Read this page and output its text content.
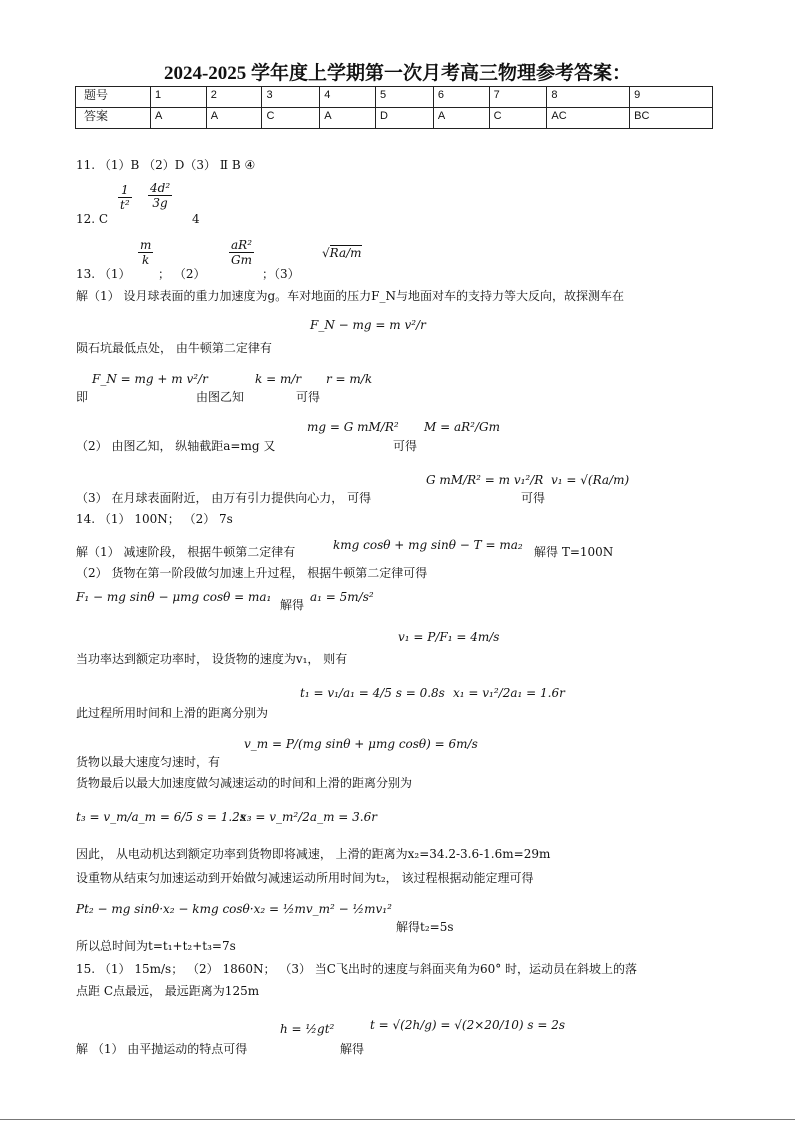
2024-2025 学年度上学期第一次月考高三物理参考答案：
题号	1	2	3	4	5	6	7	8	9
答案	A	A	C	A	D	A	C	AC	BC
11. （1）B （2）D（3） Ⅱ B ④
12. C
$\frac{1}{\text{t²}} \frac{\text{4d²}}{3g}$
4
13. （1）
$\frac{m}{k}$
； （2）
$\frac{\text{aR²}}{Gm}$
；（3）
√Ra/m
解（1） 设月球表面的重力加速度为g。车对地面的压力F_N与地面对车的支持力等大反向，故探测车在
F_N − mg = m v²/r
陨石坑最低点处， 由牛顿第二定律有
即
F_N = mg + m v²/r
由图乙知
k = m/r
可得
r = m/k
（2） 由图乙知， 纵轴截距a=mg 又
mg = G mM/R²
可得
M = aR²/Gm
（3） 在月球表面附近， 由万有引力提供向心力， 可得
G mM/R² = m v₁²/R
可得
v₁ = √(Ra/m)
14. （1） 100N； （2） 7s
解（1） 减速阶段， 根据牛顿第二定律有	kmg cosθ + mg sinθ − T = ma₂ 解得 T=100N
（2） 货物在第一阶段做匀加速上升过程， 根据牛顿第二定律可得
F₁ − mg sinθ − μmg cosθ = ma₁
解得
a₁ = 5m/s²
v₁ = P/F₁ = 4m/s
当功率达到额定功率时， 设货物的速度为v₁， 则有
t₁ = v₁/a₁ = 4/5 s = 0.8s x₁ = v₁²/2a₁ = 1.6r
此过程所用时间和上滑的距离分别为
v_m = P/(mg sinθ + μmg cosθ) = 6m/s
货物以最大速度匀速时，有
货物最后以最大加速度做匀减速运动的时间和上滑的距离分别为
t₃ = v_m/a_m = 6/5 s = 1.2s
x₃ = v_m²/2a_m = 3.6r
因此， 从电动机达到额定功率到货物即将减速， 上滑的距离为x₂=34.2-3.6-1.6m=29m
设重物从结束匀加速运动到开始做匀减速运动所用时间为t₂， 该过程根据动能定理可得
Pt₂ − mg sinθ·x₂ − kmg cosθ·x₂ = ½mv_m² − ½mv₁²
解得t₂=5s
所以总时间为t=t₁+t₂+t₃=7s
15. （1） 15m/s； （2） 1860N； （3） 当C飞出时的速度与斜面夹角为60° 时，运动员在斜坡上的落
点距 C点最远， 最远距离为125m
h = ½gt²	t = √(2h/g) = √(2×20/10) s = 2s
解 （1） 由平抛运动的特点可得	解得
